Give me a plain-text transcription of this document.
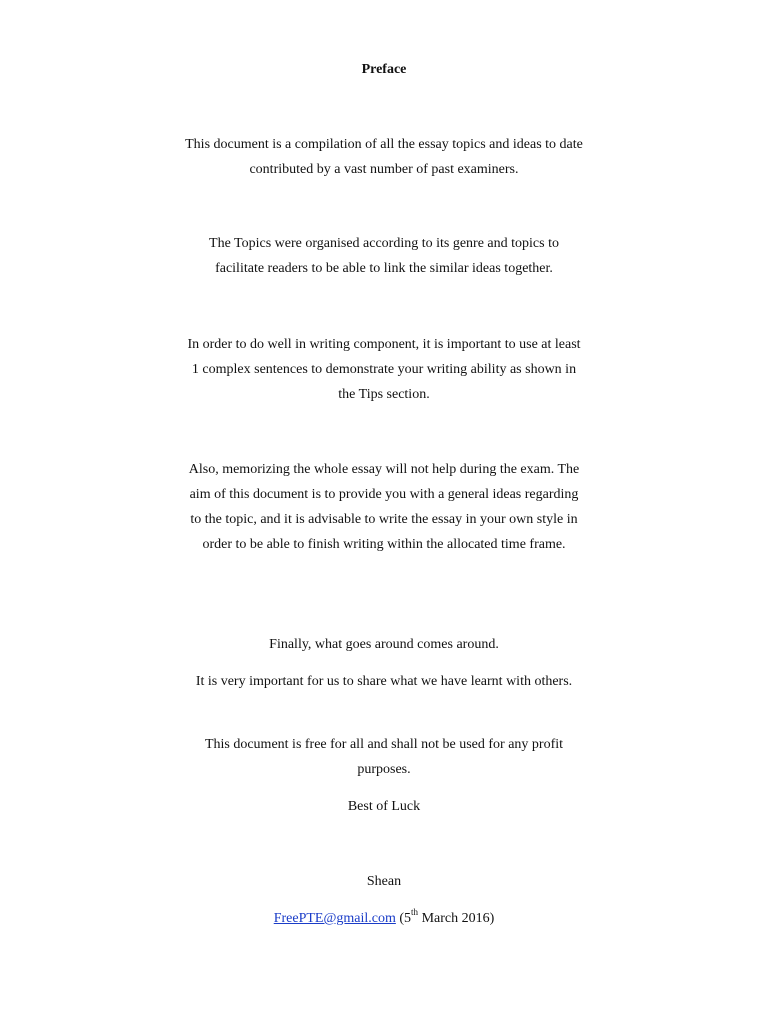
Preface

This document is a compilation of all the essay topics and ideas to date contributed by a vast number of past examiners.

The Topics were organised according to its genre and topics to facilitate readers to be able to link the similar ideas together.

In order to do well in writing component, it is important to use at least 1 complex sentences to demonstrate your writing ability as shown in the Tips section.

Also, memorizing the whole essay will not help during the exam. The aim of this document is to provide you with a general ideas regarding to the topic, and it is advisable to write the essay in your own style in order to be able to finish writing within the allocated time frame.

Finally, what goes around comes around.

It is very important for us to share what we have learnt with others.

This document is free for all and shall not be used for any profit purposes.

Best of Luck

Shean
FreePTE@gmail.com (5th March 2016)
